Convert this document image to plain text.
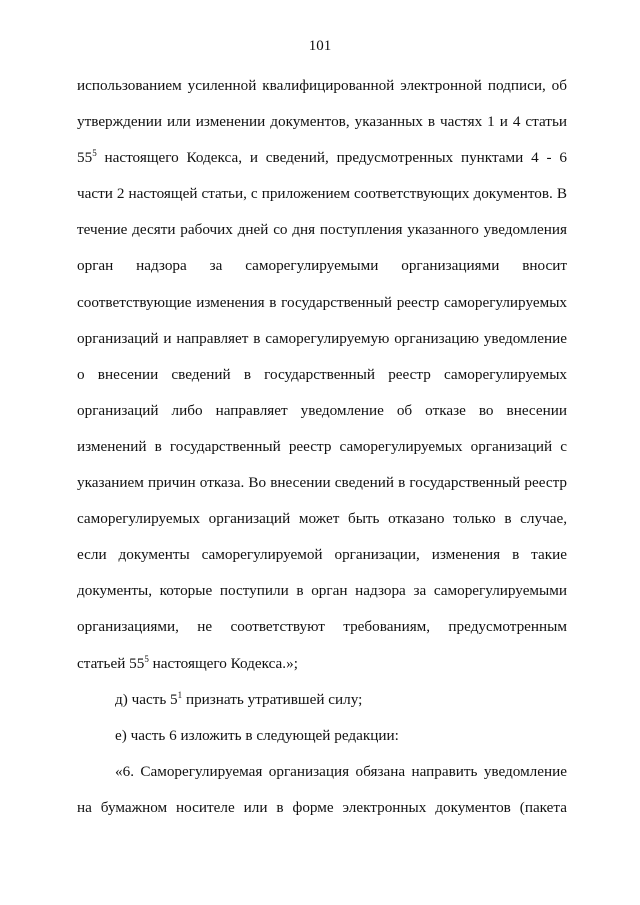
101
использованием усиленной квалифицированной электронной подписи, об
утверждении или изменении документов, указанных в частях 1 и 4 статьи
$55^5$ настоящего Кодекса, и сведений, предусмотренных пунктами 4 - 6
части 2 настоящей статьи, с приложением соответствующих документов. В
течение десяти рабочих дней со дня поступления указанного уведомления
орган надзора за саморегулируемыми организациями вносит
соответствующие изменения в государственный реестр саморегулируемых
организаций и направляет в саморегулируемую организацию уведомление
о внесении сведений в государственный реестр саморегулируемых
организаций либо направляет уведомление об отказе во внесении
изменений в государственный реестр саморегулируемых организаций с
указанием причин отказа. Во внесении сведений в государственный реестр
саморегулируемых организаций может быть отказано только в случае,
если документы саморегулируемой организации, изменения в такие
документы, которые поступили в орган надзора за саморегулируемыми
организациями, не соответствуют требованиям, предусмотренным
статьей $55^5$ настоящего Кодекса.»;
д) часть $5^1$ признать утратившей силу;
е) часть 6 изложить в следующей редакции:
«6. Саморегулируемая организация обязана направить уведомление
на бумажном носителе или в форме электронных документов (пакета
